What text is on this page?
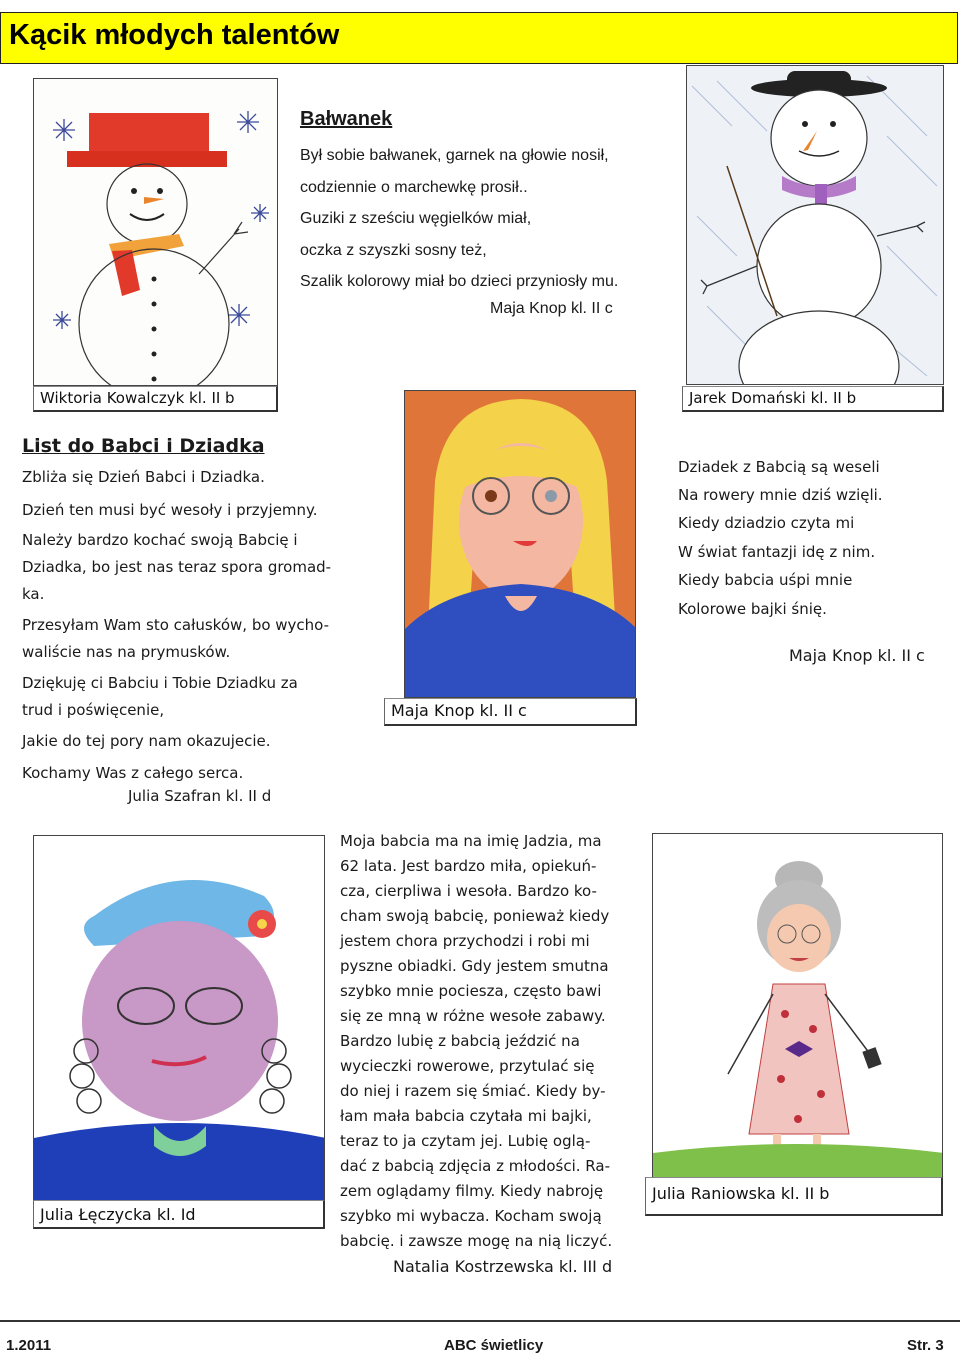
Kącik młodych talentów
Wiktoria Kowalczyk kl. II b
Bałwanek

Był sobie bałwanek, garnek na głowie nosił,

codziennie o marchewkę prosił..

Guziki z sześciu węgielków miał,

oczka z szyszki sosny też,

Szalik kolorowy miał bo dzieci przyniosły mu.

Maja Knop kl. II c
Jarek Domański kl. II b
List do Babci i Dziadka

Zbliża się Dzień Babci i Dziadka.

Dzień ten musi być wesoły i przyjemny.

Należy bardzo kochać swoją Babcię i

Dziadka, bo jest nas teraz spora gromad-

ka.

Przesyłam Wam sto całusków, bo wycho-

waliście nas na prymusków.

Dziękuję ci Babciu i Tobie Dziadku za

trud i poświęcenie,

Jakie do tej pory nam okazujecie.

Kochamy Was z całego serca.

Julia Szafran kl. II d
Maja Knop kl. II c

Dziadek z Babcią są weseli

Na rowery mnie dziś wzięli.

Kiedy dziadzio czyta mi

W świat fantazji idę z nim.

Kiedy babcia uśpi mnie

Kolorowe bajki śnię.

Maja Knop kl. II c
Julia Łęczycka kl. Id

Moja babcia ma na imię Jadzia, ma

62 lata. Jest bardzo miła, opiekuń-

cza, cierpliwa i wesoła. Bardzo ko-

cham swoją babcię, ponieważ kiedy

jestem chora przychodzi i robi mi

pyszne obiadki. Gdy jestem smutna

szybko mnie pociesza, często bawi

się ze mną w różne wesołe zabawy.

Bardzo lubię z babcią jeździć na

wycieczki rowerowe, przytulać się

do niej i razem się śmiać. Kiedy by-

łam mała babcia czytała mi bajki,

teraz to ja czytam jej. Lubię oglą-

dać z babcią zdjęcia z młodości. Ra-

zem oglądamy filmy. Kiedy nabroję

szybko mi wybacza. Kocham swoją

babcię. i zawsze mogę na nią liczyć.

Natalia Kostrzewska kl. III d
Julia Raniowska kl. II b
1.2011	ABC świetlicy	Str. 3
